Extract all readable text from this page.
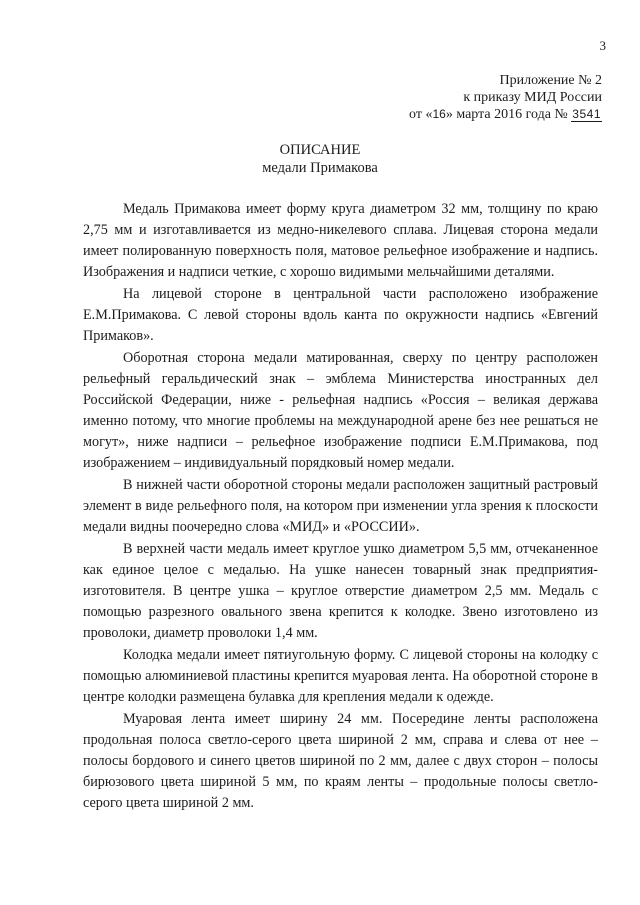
3
Приложение № 2
к приказу МИД России
от «16» марта 2016 года № 3541
ОПИСАНИЕ
медали Примакова

Медаль Примакова имеет форму круга диаметром 32 мм, толщину по краю 2,75 мм и изготавливается из медно-никелевого сплава. Лицевая сторона медали имеет полированную поверхность поля, матовое рельефное изображение и надпись. Изображения и надписи четкие, с хорошо видимыми мельчайшими деталями.

На лицевой стороне в центральной части расположено изображение Е.М.Примакова. С левой стороны вдоль канта по окружности надпись «Евгений Примаков».

Оборотная сторона медали матированная, сверху по центру расположен рельефный геральдический знак – эмблема Министерства иностранных дел Российской Федерации, ниже - рельефная надпись «Россия – великая держава именно потому, что многие проблемы на международной арене без нее решаться не могут», ниже надписи – рельефное изображение подписи Е.М.Примакова, под изображением – индивидуальный порядковый номер медали.

В нижней части оборотной стороны медали расположен защитный растровый элемент в виде рельефного поля, на котором при изменении угла зрения к плоскости медали видны поочередно слова «МИД» и «РОССИИ».

В верхней части медаль имеет круглое ушко диаметром 5,5 мм, отчеканенное как единое целое с медалью. На ушке нанесен товарный знак предприятия-изготовителя. В центре ушка – круглое отверстие диаметром 2,5 мм. Медаль с помощью разрезного овального звена крепится к колодке. Звено изготовлено из проволоки, диаметр проволоки 1,4 мм.

Колодка медали имеет пятиугольную форму. С лицевой стороны на колодку с помощью алюминиевой пластины крепится муаровая лента. На оборотной стороне в центре колодки размещена булавка для крепления медали к одежде.

Муаровая лента имеет ширину 24 мм. Посередине ленты расположена продольная полоса светло-серого цвета шириной 2 мм, справа и слева от нее – полосы бордового и синего цветов шириной по 2 мм, далее с двух сторон – полосы бирюзового цвета шириной 5 мм, по краям ленты – продольные полосы светло-серого цвета шириной 2 мм.
